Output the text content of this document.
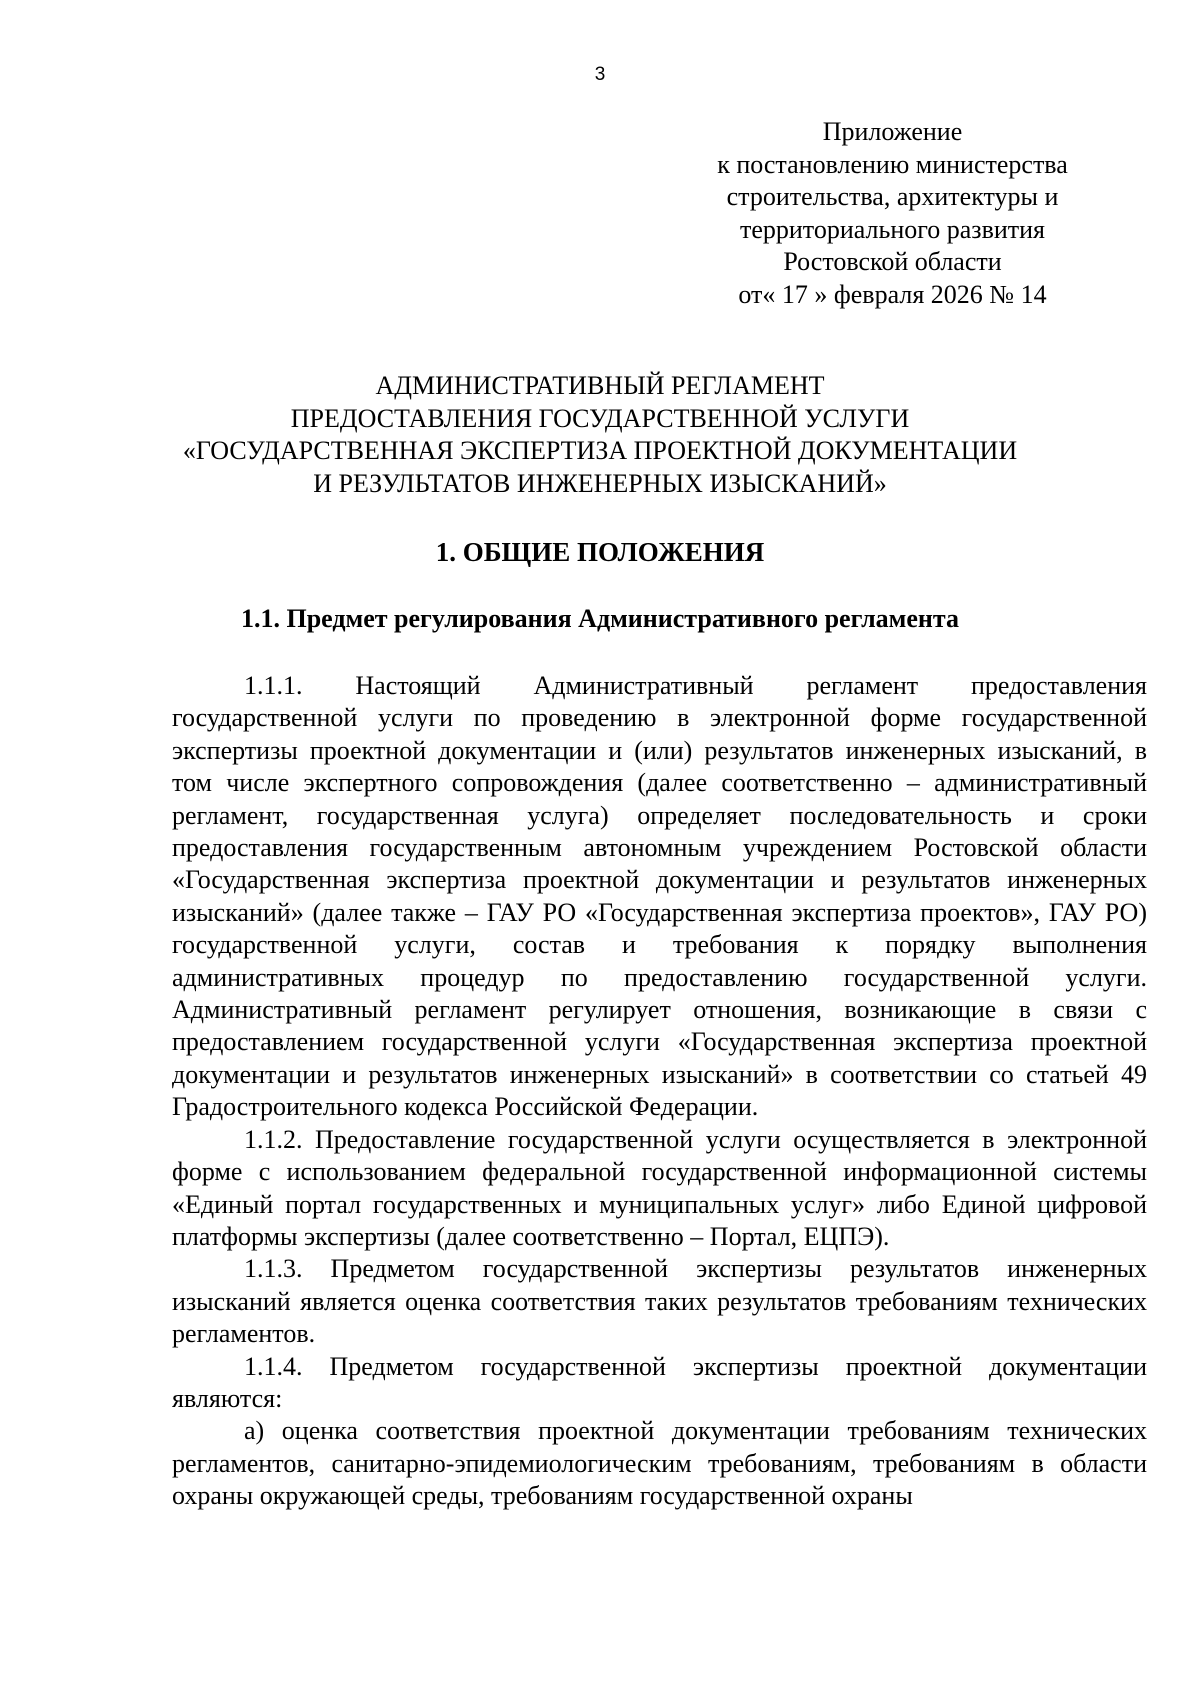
3
Приложение
к постановлению министерства
строительства, архитектуры и
территориального развития
Ростовской области
от« 17 » февраля 2026 № 14
АДМИНИСТРАТИВНЫЙ РЕГЛАМЕНТ
ПРЕДОСТАВЛЕНИЯ ГОСУДАРСТВЕННОЙ УСЛУГИ
«ГОСУДАРСТВЕННАЯ ЭКСПЕРТИЗА ПРОЕКТНОЙ ДОКУМЕНТАЦИИ
И РЕЗУЛЬТАТОВ ИНЖЕНЕРНЫХ ИЗЫСКАНИЙ»
1. ОБЩИЕ ПОЛОЖЕНИЯ
1.1. Предмет регулирования Административного регламента

1.1.1. Настоящий Административный регламент предоставления государственной услуги по проведению в электронной форме государственной экспертизы проектной документации и (или) результатов инженерных изысканий, в том числе экспертного сопровождения (далее соответственно – административный регламент, государственная услуга) определяет последовательность и сроки предоставления государственным автономным учреждением Ростовской области «Государственная экспертиза проектной документации и результатов инженерных изысканий» (далее также – ГАУ РО «Государственная экспертиза проектов», ГАУ РО) государственной услуги, состав и требования к порядку выполнения административных процедур по предоставлению государственной услуги. Административный регламент регулирует отношения, возникающие в связи с предоставлением государственной услуги «Государственная экспертиза проектной документации и результатов инженерных изысканий» в соответствии со статьей 49 Градостроительного кодекса Российской Федерации.

1.1.2. Предоставление государственной услуги осуществляется в электронной форме с использованием федеральной государственной информационной системы «Единый портал государственных и муниципальных услуг» либо Единой цифровой платформы экспертизы (далее соответственно – Портал, ЕЦПЭ).

1.1.3. Предметом государственной экспертизы результатов инженерных изысканий является оценка соответствия таких результатов требованиям технических регламентов.

1.1.4. Предметом государственной экспертизы проектной документации являются:

а) оценка соответствия проектной документации требованиям технических регламентов, санитарно-эпидемиологическим требованиям, требованиям в области охраны окружающей среды, требованиям государственной охраны
